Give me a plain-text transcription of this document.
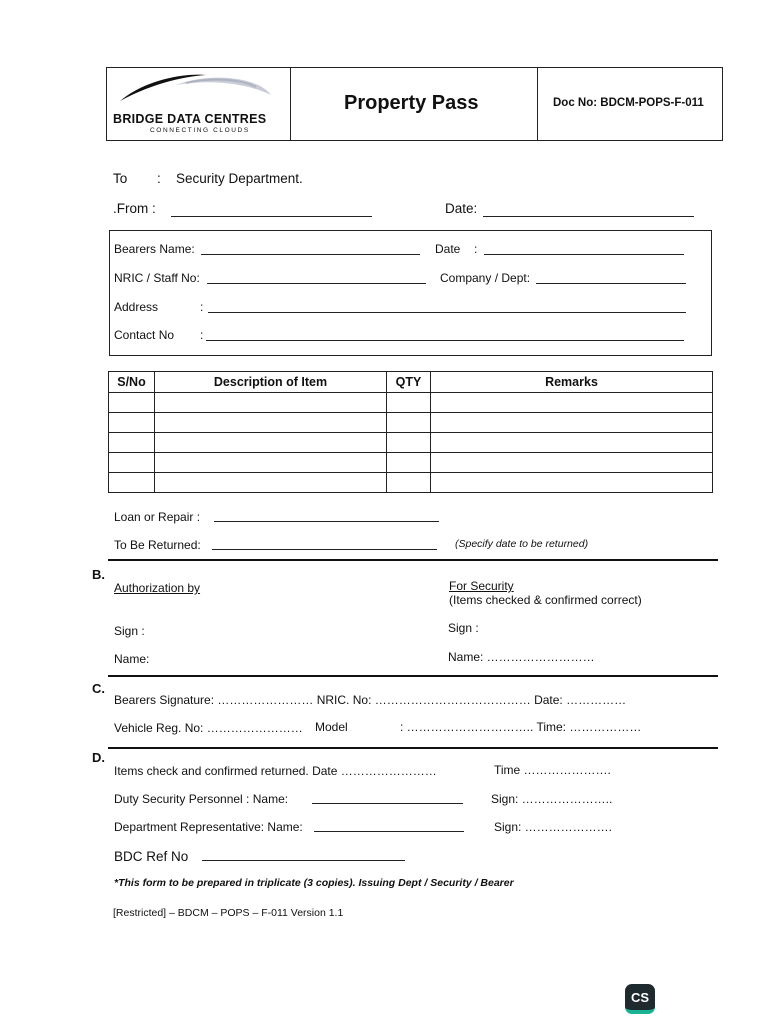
BRIDGE DATA CENTRES
CONNECTING CLOUDS
Property Pass	Doc No: BDCM-POPS-F-011
To : Security Department.
.From :	Date:
Bearers Name:	Date :
NRIC / Staff No:	Company / Dept:
Address	:
Contact No :
S/No	Description of Item	QTY	Remarks

Loan or Repair :
To Be Returned:	(Specify date to be returned)
B.
Authorization by	For Security
(Items checked & confirmed correct)
Sign :	Sign :
Name:	Name: ………………………
C.
Bearers Signature: …………………… NRIC. No: ………………………………… Date: ……………
Vehicle Reg. No: …………………… Model	: ………………………….. Time: ………………
D.
Items check and confirmed returned. Date ……………………	Time ………………….
Duty Security Personnel : Name:	Sign: …………………..
Department Representative: Name:	Sign: ………………….
BDC Ref No
*This form to be prepared in triplicate (3 copies). Issuing Dept / Security / Bearer
[Restricted] – BDCM – POPS – F-011 Version 1.1
CS
